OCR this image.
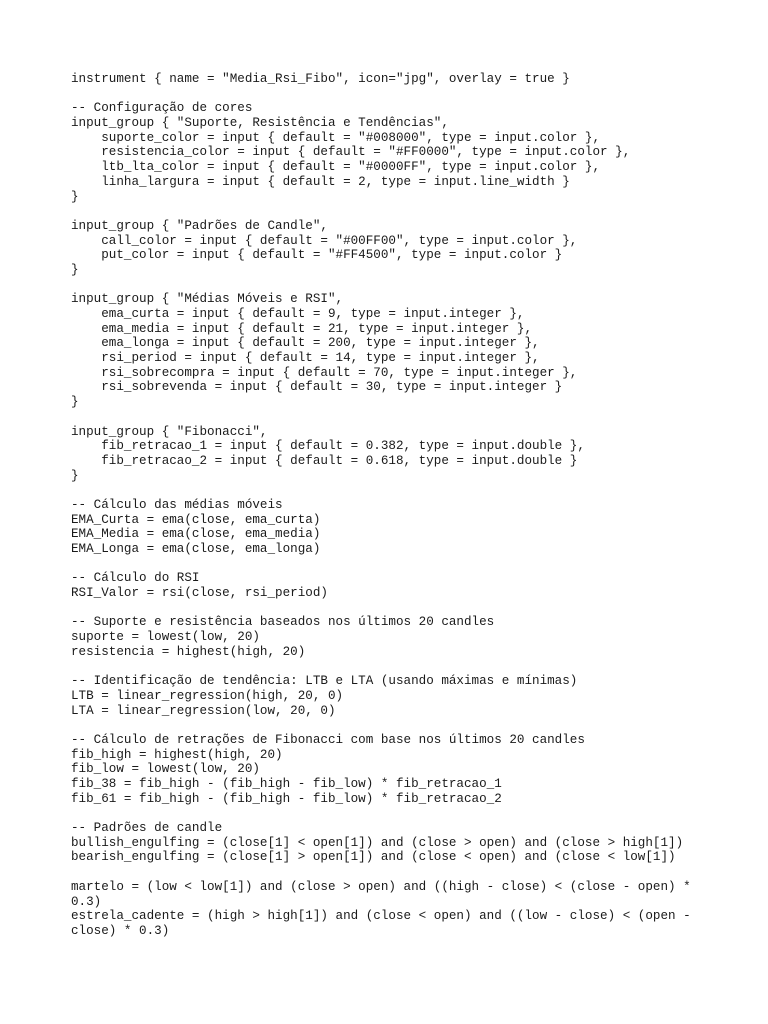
instrument { name = "Media_Rsi_Fibo", icon="jpg", overlay = true }

-- Configuração de cores
input_group { "Suporte, Resistência e Tendências",
suporte_color = input { default = "#008000", type = input.color },
resistencia_color = input { default = "#FF0000", type = input.color },
ltb_lta_color = input { default = "#0000FF", type = input.color },
linha_largura = input { default = 2, type = input.line_width }
}

input_group { "Padrões de Candle",
call_color = input { default = "#00FF00", type = input.color },
put_color = input { default = "#FF4500", type = input.color }
}

input_group { "Médias Móveis e RSI",
ema_curta = input { default = 9, type = input.integer },
ema_media = input { default = 21, type = input.integer },
ema_longa = input { default = 200, type = input.integer },
rsi_period = input { default = 14, type = input.integer },
rsi_sobrecompra = input { default = 70, type = input.integer },
rsi_sobrevenda = input { default = 30, type = input.integer }
}

input_group { "Fibonacci",
fib_retracao_1 = input { default = 0.382, type = input.double },
fib_retracao_2 = input { default = 0.618, type = input.double }
}

-- Cálculo das médias móveis
EMA_Curta = ema(close, ema_curta)
EMA_Media = ema(close, ema_media)
EMA_Longa = ema(close, ema_longa)

-- Cálculo do RSI
RSI_Valor = rsi(close, rsi_period)

-- Suporte e resistência baseados nos últimos 20 candles
suporte = lowest(low, 20)
resistencia = highest(high, 20)

-- Identificação de tendência: LTB e LTA (usando máximas e mínimas)
LTB = linear_regression(high, 20, 0)
LTA = linear_regression(low, 20, 0)

-- Cálculo de retrações de Fibonacci com base nos últimos 20 candles
fib_high = highest(high, 20)
fib_low = lowest(low, 20)
fib_38 = fib_high - (fib_high - fib_low) * fib_retracao_1
fib_61 = fib_high - (fib_high - fib_low) * fib_retracao_2

-- Padrões de candle
bullish_engulfing = (close[1] < open[1]) and (close > open) and (close > high[1])
bearish_engulfing = (close[1] > open[1]) and (close < open) and (close < low[1])

martelo = (low < low[1]) and (close > open) and ((high - close) < (close - open) *
0.3)
estrela_cadente = (high > high[1]) and (close < open) and ((low - close) < (open -
close) * 0.3)
